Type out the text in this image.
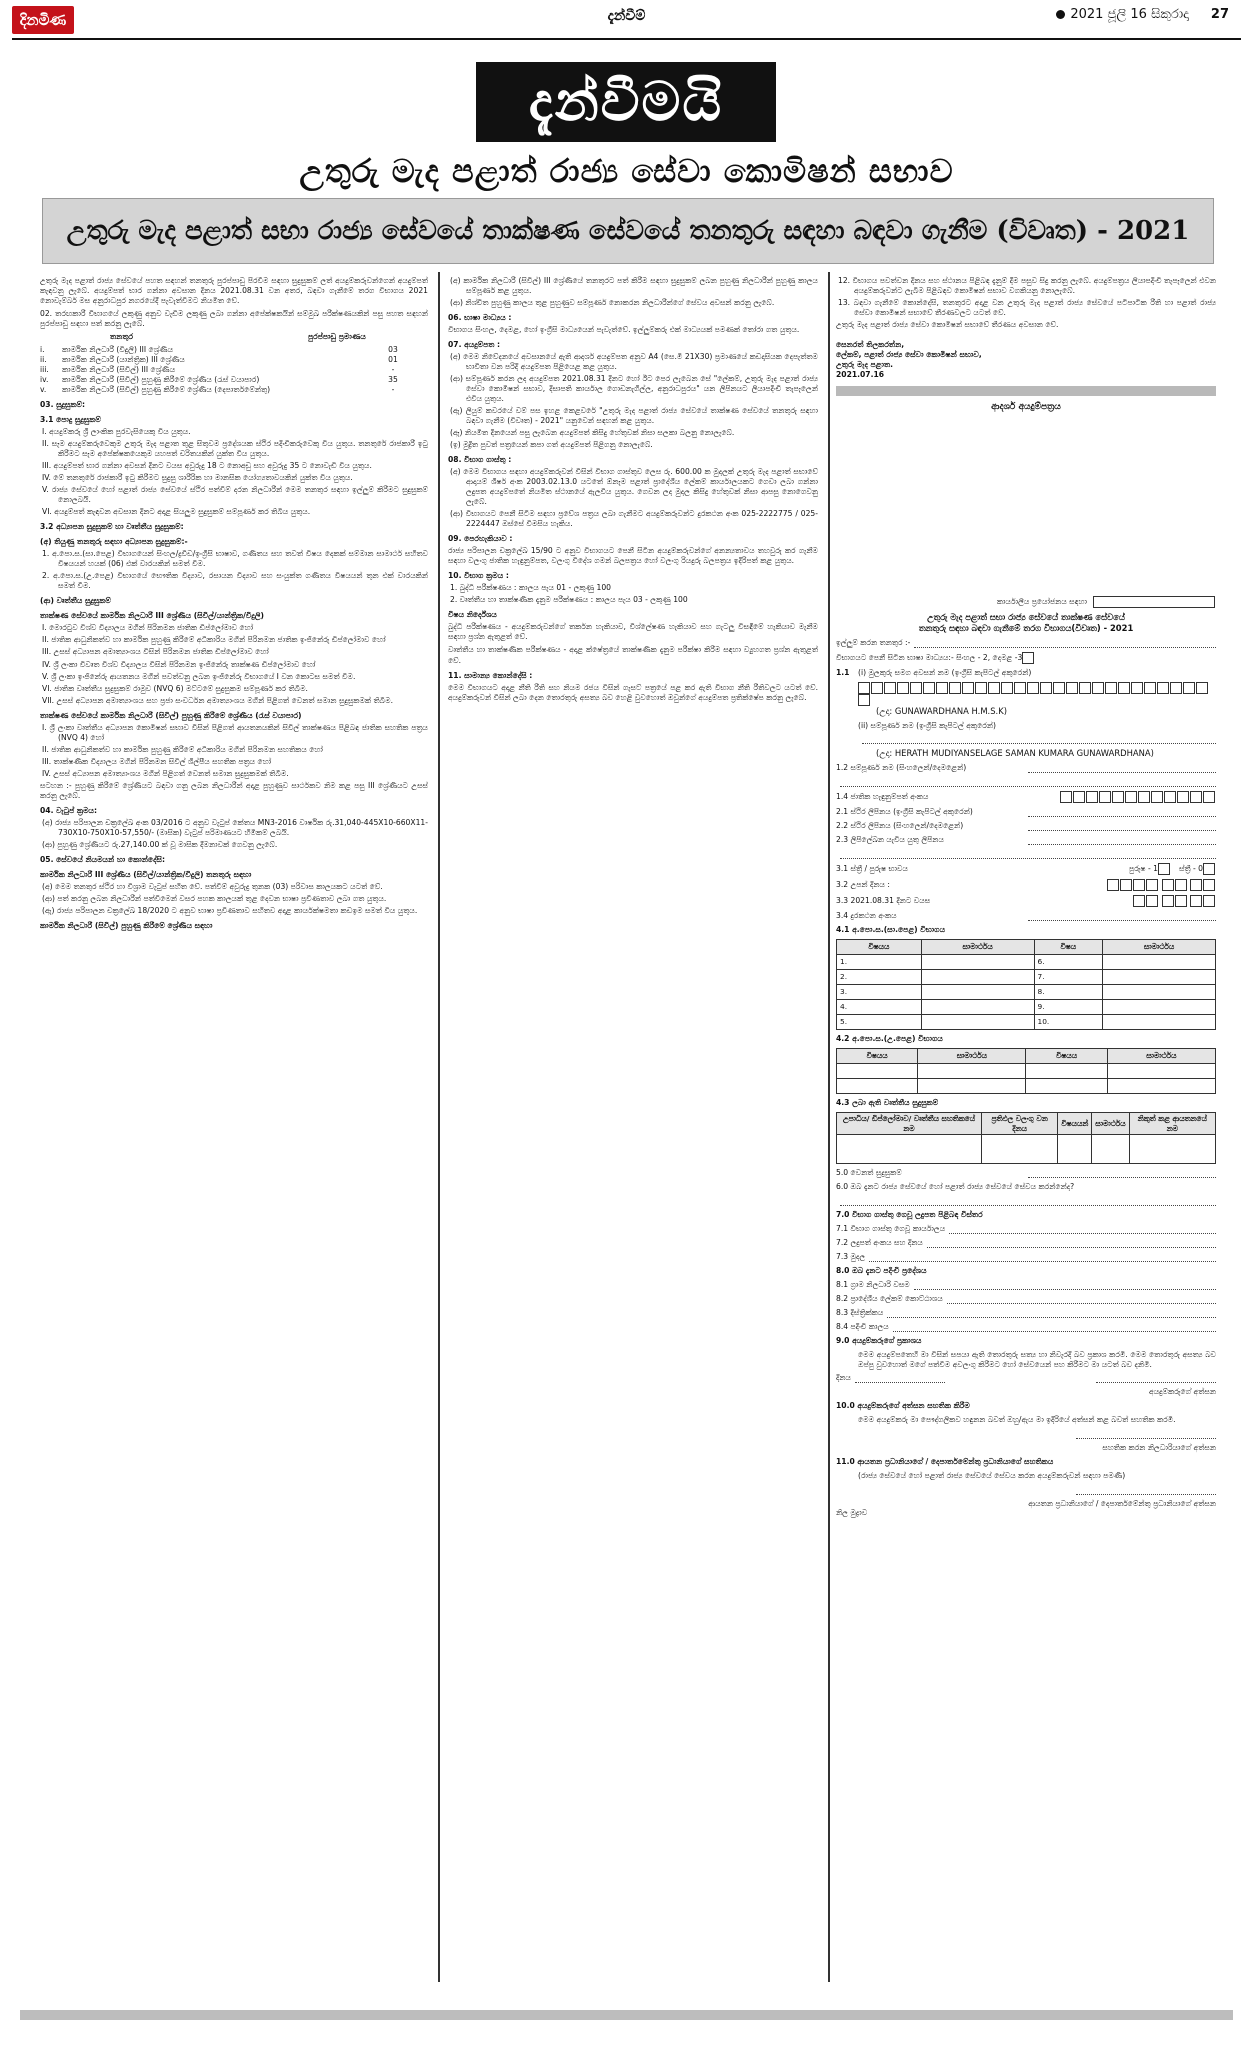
දිනමිණ	දැන්වීම්	2021 ජූලි 16 සිකුරාදා 27
දැන්වීමයි
උතුරු මැද පළාත් රාජ්‍ය සේවා කොමිෂන් සභාව
උතුරු මැද පළාත් සභා රාජ්‍ය සේවයේ තාක්ෂණ සේවයේ තනතුරු සඳහා බඳවා ගැනීම (විවෘත) - 2021

උතුරු මැද පළාත් රාජ්‍ය සේවයේ පහත සඳහන් තනතුරු පුරප්පාඩු පිරවීම සඳහා සුදුසුකම් ලත් අයදුම්කරුවන්ගෙන් අයදුම්පත් කැඳවනු ලැබේ. අයදුම්පත් භාර ගන්නා අවසාන දිනය 2021.08.31 වන අතර, බඳවා ගැනීමේ තරග විභාගය 2021 නොවැම්බර් මස අනුරාධපුර නගරයේදී පැවැත්වීමට නියමිත වේ.

02. තරඟකාරී විභාගයේ ලකුණු අනුව වැඩිම ලකුණු ලබා ගන්නා අපේක්ෂකයින් සම්මුඛ පරීක්ෂණයකින් පසු පහත සඳහන් පුරප්පාඩු සඳහා පත් කරනු ලැබේ.

තනතුර	පුරප්පාඩු ප්‍රමාණය
i.	කාර්මික නිලධාරී (විදුලි) III ශ්‍රේණිය	03
ii.	කාර්මික නිලධාරී (යාන්ත්‍රික) III ශ්‍රේණිය	01
iii.	කාර්මික නිලධාරී (සිවිල්) III ශ්‍රේණිය	-
iv.	කාර්මික නිලධාරී (සිවිල්) පුහුණු කිරීමේ ශ්‍රේණිය (රැස් වයාපාර)	35
v.	කාර්මික නිලධාරී (සිවිල්) පුහුණු කිරීමේ ශ්‍රේණිය (දෙපාර්තමේන්තු)	-
03. සුදුසුකම්:
3.1 පොදු සුදුසුකම්

I. අයදුම්කරු ශ්‍රී ලාංකික පුරවැසියෙකු විය යුතුය.

II. සෑම අයදුම්කරුවෙකුම උතුරු මැද පළාත තුළ සිතුවම ප්‍රදේශයක ස්ථිර පදිංචිකරුවෙකු විය යුතුය. තනතුරේ රාජකාරී ඉටු කිරීමට සෑම අපේක්ෂකයෙකුම යහපත් චරිතයකින් යුක්ත විය යුතුය.

III. අයදුම්පත් භාර ගන්නා අවසන් දිනට වයස අවුරුදු 18 ට නොඅඩු සහ අවුරුදු 35 ට නොවැඩි විය යුතුය.

IV. මේ තනතුරේ රාජකාරී ඉටු කිරීමට සුදුසු ශාරීරික හා මානසික යෝග්‍යතාවයකින් යුක්ත විය යුතුය.

V. රාජ්‍ය සේවයේ හෝ පළාත් රාජ්‍ය සේවයේ ස්ථිර පත්වීම් දරන නිලධාරීන් මෙම තනතුර සඳහා ඉල්ලුම් කිරීමට සුදුසුකම් නොලබයි.

VI. අයදුම්පත් කැඳවන අවසාන දිනට අදාළ සියලුම සුදුසුකම් සම්පූර්ණ කර තිබිය යුතුය.

3.2 අධ්‍යාපන සුදුසුකම් හා වෘත්තීය සුදුසුකම්:
(අ) තියුණු තනතුරු සඳහා අධ්‍යාපන සුදුසුකම්:-

1. අ.පො.ස.(සා.පෙළ) විභාගයෙන් සිංහල/ද්‍රවිඩ/ඉංග්‍රීසි භාෂාව, ගණිතය සහ තවත් විෂය දෙකක් සම්මාන සාමාර්ථ සහිතව විෂයයන් හයක් (06) එක් වාරයකින් සමත් වීම.

2. අ.පො.ස.(උ.පෙළ) විභාගයේ භෞතික විද්‍යාව, රසායන විද්‍යාව සහ සංයුක්ත ගණිතය විෂයයන් තුන එක් වාරයකින් සමත් වීම.

(ආ) වෘත්තීය සුදුසුකම්
තාක්ෂණ සේවයේ කාර්මික නිලධාරී III ශ්‍රේණිය (සිවිල්/යාන්ත්‍රික/විදුලි)

I. මොරටුව විශ්ව විද්‍යාලය මගින් පිරිනමන ජාතික ඩිප්ලෝමාව හෝ

II. ජාතික ආධුනිකත්ව හා කාර්මික පුහුණු කිරීමේ අධිකාරිය මගින් පිරිනමන ජාතික ඉංජිනේරු ඩිප්ලෝමාව හෝ

III. උසස් අධ්‍යාපන අමාත්‍යාංශය විසින් පිරිනමන ජාතික ඩිප්ලෝමාව හෝ

IV. ශ්‍රී ලංකා විවෘත විශ්ව විද්‍යාලය විසින් පිරිනමන ඉංජිනේරු තාක්ෂණ ඩිප්ලෝමාව හෝ

V. ශ්‍රී ලංකා ඉංජිනේරු ආයතනය මගින් පවත්වනු ලබන ඉංජිනේරු විභාගයේ I වන කොටස සමත් වීම.

VI. ජාතික වෘත්තීය සුදුසුකම් රාමුව (NVQ 6) මට්ටමේ සුදුසුකම සම්පූර්ණ කර තිබීම.

VII. උසස් අධ්‍යාපන අමාත්‍යාංශය සහ ප්‍රජා සංවර්ධන අමාත්‍යාංශය මගින් පිළිගත් වෙනත් සමාන සුදුසුකමක් තිබීම.

තාක්ෂණ සේවයේ කාර්මික නිලධාරී (සිවිල්) පුහුණු කිරීමේ ශ්‍රේණිය (රැස් වයාපාර)

I. ශ්‍රී ලංකා වෘත්තීය අධ්‍යාපන කොමිෂන් සභාව විසින් පිළිගත් ආයතනයකින් සිවිල් තාක්ෂණය පිළිබඳ ජාතික සහතික පත්‍රය (NVQ 4) හෝ

II. ජාතික ආධුනිකත්ව හා කාර්මික පුහුණු කිරීමේ අධිකාරිය මගින් පිරිනමන සහතිකය හෝ

III. තාක්ෂණික විද්‍යාලය මගින් පිරිනමන සිවිල් ශිල්පීය සහතික පත්‍රය හෝ

IV. උසස් අධ්‍යාපන අමාත්‍යාංශය මගින් පිළිගත් වෙනත් සමාන සුදුසුකමක් තිබීම.

සටහන :- පුහුණු කිරීමේ ශ්‍රේණියට බඳවා ගනු ලබන නිලධාරීන් අදාළ පුහුණුව සාර්ථකව නිම කළ පසු III ශ්‍රේණියට උසස් කරනු ලැබේ.

04. වැටුප් ක්‍රමය:

(අ) රාජ්‍ය පරිපාලන චක්‍රලේඛ අංක 03/2016 ට අනුව වැටුප් කේතය MN3-2016 වාර්ෂික රු.31,040-445X10-660X11-730X10-750X10-57,550/- (මාසික) වැටුප් පරිමාණයට හිමිකම් ලබයි.

(ආ) පුහුණු ශ්‍රේණියට රු.27,140.00 ක් වූ මාසික දීමනාවක් ගෙවනු ලැබේ.

05. සේවයේ නියමයන් හා කොන්දේසි:
කාර්මික නිලධාරී III ශ්‍රේණිය (සිවිල්/යාන්ත්‍රික/විදුලි) තනතුරු සඳහා

(අ) මෙම තනතුර ස්ථිර හා විශ්‍රාම වැටුප් සහිත වේ. පත්වීම් අවුරුදු තුනක (03) පරිවාස කාලයකට යටත් වේ.

(ආ) පත් කරනු ලබන නිලධාරීන් පත්වීමෙන් වසර පහක කාලයක් තුළ දෙවන භාෂා ප්‍රවීණතාව ලබා ගත යුතුය.

(ඇ) රාජ්‍ය පරිපාලන චක්‍රලේඛ 18/2020 ට අනුව භාෂා ප්‍රවීණතාව සහිතව අදාළ කාර්යක්ෂමතා කඩඉම සමත් විය යුතුය.

කාර්මික නිලධාරී (සිවිල්) පුහුණු කිරීමේ ශ්‍රේණිය සඳහා

(අ) කාර්මික නිලධාරී (සිවිල්) III ශ්‍රේණියේ තනතුරට පත් කිරීම සඳහා සුදුසුකම් ලබන පුහුණු නිලධාරීන් පුහුණු කාලය සම්පූර්ණ කළ යුතුය.

(ආ) නිශ්චිත පුහුණු කාලය තුළ පුහුණුව සම්පූර්ණ නොකරන නිලධාරීන්ගේ සේවය අවසන් කරනු ලැබේ.

06. භාෂා මාධ්‍යය :

විභාගය සිංහල, දෙමළ, හෝ ඉංග්‍රීසි මාධ්‍යයෙන් පැවැත්වේ. ඉල්ලුම්කරු එක් මාධ්‍යයක් පමණක් තෝරා ගත යුතුය.

07. අයදුම්පත :

(අ) මෙම නිවේදනයේ අවසානයේ ඇති ආදර්ශ අයදුම්පත අනුව A4 (සෙ.මී 21X30) ප්‍රමාණයේ කඩදාසියක දෙපැත්තම භාවිතා වන පරිදි අයදුම්පත පිළියෙළ කළ යුතුය.

(ආ) සම්පූර්ණ කරන ලද අයදුම්පත 2021.08.31 දිනට හෝ ඊට පෙර ලැබෙන සේ "ලේකම්, උතුරු මැද පළාත් රාජ්‍ය සේවා කොමිෂන් සභාව, දිසාපති කාර්යාල ගොඩනැගිල්ල, අනුරාධපුරය" යන ලිපිනයට ලියාපදිංචි තැපෑලෙන් එවිය යුතුය.

(ඇ) ලියුම් කවරයේ වම් පස ඉහළ කෙළවරේ "උතුරු මැද පළාත් රාජ්‍ය සේවයේ තාක්ෂණ සේවයේ තනතුරු සඳහා බඳවා ගැනීම (විවෘත) - 2021" යනුවෙන් සඳහන් කළ යුතුය.

(ඈ) නියමිත දිනයෙන් පසු ලැබෙන අයදුම්පත් කිසිදු හේතුවක් නිසා සලකා බලනු නොලැබේ.

(ඉ) මුද්‍රිත පුවත් පත්‍රයෙන් කපා ගත් අයදුම්පත් පිළිගනු නොලැබේ.

08. විභාග ගාස්තු :

(අ) මෙම විභාගය සඳහා අයදුම්කරුවන් විසින් විභාග ගාස්තුව ලෙස රු. 600.00 ක මුදලක් උතුරු මැද පළාත් සභාවේ ආදායම් ශීර්ෂ අංක 2003.02.13.0 යටතේ ඕනෑම පළාත් ප්‍රාදේශීය ලේකම් කාර්යාලයකට ගෙවා ලබා ගන්නා ලදුපත අයදුම්පතේ නියමිත ස්ථානයේ ඇලවිය යුතුය. ගෙවන ලද මුදල කිසිදු හේතුවක් නිසා ආපසු නොගෙවනු ලැබේ.

(ආ) විභාගයට පෙනී සිටීම සඳහා ප්‍රවේශ පත්‍රය ලබා ගැනීමට අයදුම්කරුවන්ට දුරකථන අංක 025-2222775 / 025-2224447 ඔස්සේ විමසිය හැකිය.

09. පෙරහැකියාව :

රාජ්‍ය පරිපාලන චක්‍රලේඛ 15/90 ට අනුව විභාගයට පෙනී සිටින අයදුම්කරුවන්ගේ අනන්‍යතාවය තහවුරු කර ගැනීම සඳහා වලංගු ජාතික හැඳුනුම්පත, වලංගු විදේශ ගමන් බලපත්‍රය හෝ වලංගු රියදුරු බලපත්‍රය ඉදිරිපත් කළ යුතුය.

10. විභාග ක්‍රමය :

1. බුද්ධි පරීක්ෂණය : කාලය පැය 01 - ලකුණු 100

2. වෘත්තීය හා තාක්ෂණික දැනුම පරීක්ෂණය : කාලය පැය 03 - ලකුණු 100

විෂය නිර්දේශය

බුද්ධි පරීක්ෂණය - අයදුම්කරුවන්ගේ තර්කන හැකියාව, විශ්ලේෂණ හැකියාව සහ ගැටලු විසඳීමේ හැකියාව මැනීම සඳහා ප්‍රශ්න ඇතුළත් වේ.

වෘත්තීය හා තාක්ෂණික පරීක්ෂණය - අදාළ ක්ෂේත්‍රයේ තාක්ෂණික දැනුම පරීක්ෂා කිරීම සඳහා ව්‍යුහගත ප්‍රශ්න ඇතුළත් වේ.

11. සාමාන්‍ය කොන්දේසි :

මෙම විභාගයට අදාළ නීති රීති සහ නියම රජය විසින් ගැසට් පත්‍රයේ පළ කර ඇති විභාග නීති රීතිවලට යටත් වේ. අයදුම්කරුවන් විසින් ලබා දෙන තොරතුරු අසත්‍ය බව හෙළි වුවහොත් ඔවුන්ගේ අයදුම්පත ප්‍රතික්ෂේප කරනු ලැබේ.

12. විභාගය පවත්වන දිනය සහ ස්ථානය පිළිබඳ දැනුම් දීම පසුව සිදු කරනු ලැබේ. අයදුම්පත්‍රය ලියාපදිංචි තැපෑලෙන් එවන අයදුම්කරුවන්ට ලැබීම පිළිබඳව කොමිෂන් සභාව වගකියනු නොලැබේ.

13. බඳවා ගැනීමේ කොන්දේසි, තනතුරට අදාළ වන උතුරු මැද පළාත් රාජ්‍ය සේවයේ පටිපාටික රීති හා පළාත් රාජ්‍ය සේවා කොමිෂන් සභාවේ තීරණවලට යටත් වේ.

උතුරු මැද පළාත් රාජ්‍ය සේවා කොමිෂන් සභාවේ තීරණය අවසාන වේ.

සෙනරත් තිලකරත්න,
ලේකම්, පළාත් රාජ්‍ය සේවා කොමිෂන් සභාව,
උතුරු මැද පළාත.
2021.07.16
ආදර්ශ අයදුම්පත්‍රය
කාර්යාලීය ප්‍රයෝජනය සඳහා
උතුරු මැද පළාත් සභා රාජ්‍ය සේවයේ තාක්ෂණ සේවයේ
තනතුරු සඳහා බඳවා ගැනීමේ තරග විභාගය(විවෘත) - 2021
ඉල්ලුම් කරන තනතුර :-
විභාගයට පෙනී සිටින භාෂා මාධ්‍යය:- සිංහල - 2, දෙමළ -3
1.1	(i) මුලකුරු සමග අවසන් නම (ඉංග්‍රීසි කැපිටල් අකුරෙන්)
(උදා: GUNAWARDHANA H.M.S.K)
(ii) සම්පූර්ණ නම (ඉංග්‍රීසි කැපිටල් අකුරෙන්)
(උදා: HERATH MUDIYANSELAGE SAMAN KUMARA GUNAWARDHANA)
1.2 සම්පූර්ණ නම (සිංහලෙන්/දෙමළෙන්)
1.4 ජාතික හැඳුනුම්පත් අංකය
2.1 ස්ථිර ලිපිනය (ඉංග්‍රීසි කැපිටල් අකුරෙන්)
2.2 ස්ථිර ලිපිනය (සිංහලෙන්/දෙමළෙන්)
2.3 ලිපිලේඛන යැවිය යුතු ලිපිනය
3.1 ස්ත්‍රී / පුරුෂ භාවය	පුරුෂ - 1	ස්ත්‍රී - 0
3.2 උපන් දිනය :

3.3 2021.08.31 දිනට වයස

3.4 දුරකථන අංකය
4.1 අ.පො.ස.(සා.පෙළ) විභාගය
විෂයය	සාමාර්ථය	විෂය	සාමාර්ථය
1.		6.	
2.		7.	
3.		8.	
4.		9.	
5.		10.	
4.2 අ.පො.ස.(උ.පෙළ) විභාගය
විෂයය	සාමාර්ථය	විෂයය	සාමාර්ථය

4.3 ලබා ඇති වෘත්තීය සුදුසුකම්
උපාධිය/ ඩිප්ලෝමාව/ වෘත්තීය සහතිකයේ නම	ප්‍රතිඵල වලංගු වන දිනය	විෂයයන්	සාමාර්ථය	නිකුත් කළ ආයතනයේ නම

5.0 වෙනත් සුදුසුකම්
6.0 ඔබ දැනට රාජ්‍ය සේවයේ හෝ පළාත් රාජ්‍ය සේවයේ සේවය කරන්නේද?
7.0 විභාග ගාස්තු ගෙවූ ලදුපත පිළිබඳ විස්තර
7.1 විභාග ගාස්තු ගෙවූ කාර්යාලය
7.2 ලදුපත් අංකය සහ දිනය
7.3 මුදල
8.0 ඔබ දැනට පදිංචි ප්‍රදේශය
8.1 ග්‍රාම නිලධාරි වසම
8.2 ප්‍රාදේශීය ලේකම් කොට්ඨාශය
8.3 දිස්ත්‍රික්කය
8.4 පදිංචි කාලය
9.0 අයදුම්කරුගේ ප්‍රකාශය

මෙම අයදුම්පතෙහි මා විසින් සපයා ඇති තොරතුරු සත්‍ය හා නිවැරදි බව ප්‍රකාශ කරමි. මෙම තොරතුරු අසත්‍ය බව ඔප්පු වුවහොත් මගේ පත්වීම අවලංගු කිරීමට හෝ සේවයෙන් පහ කිරීමට මා යටත් බව දනිමි.

දිනය
අයදුම්කරුගේ අත්සන
10.0 අයදුම්කරුගේ අත්සන සහතික කිරීම

මෙම අයදුම්කරු මා පෞද්ගලිකව හඳුනන බවත් ඔහු/ඇය මා ඉදිරියේ අත්සන් කළ බවත් සහතික කරමි.

සහතික කරන නිලධාරියාගේ අත්සන
11.0 ආයතන ප්‍රධානියාගේ / දෙපාර්තමේන්තු ප්‍රධානියාගේ සහතිකය

(රාජ්‍ය සේවයේ හෝ පළාත් රාජ්‍ය සේවයේ සේවය කරන අයදුම්කරුවන් සඳහා පමණි)

ආයතන ප්‍රධානියාගේ / දෙපාර්තමේන්තු ප්‍රධානියාගේ අත්සන
නිල මුද්‍රාව
